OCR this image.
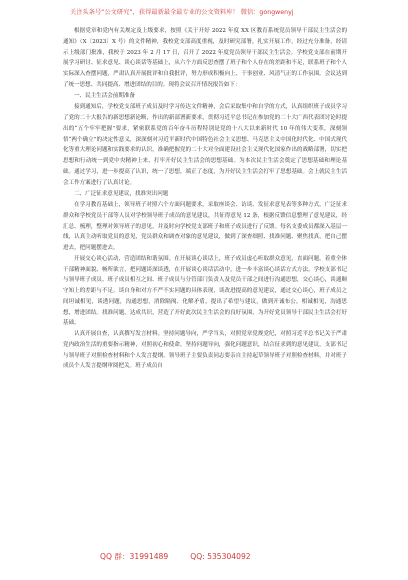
关注头条号“公文研究”，获得最新最全最专业的公文资料库！ 微信：gongwenyj

根据党章和党内有关规定及上级要求，按照《关于开好 2022 年度 XX 区教育系统党员领导干部民主生活会的通知》（X〔2023〕X 号）的文件精神，我校党支部高度重视，及时研究部署，扎实开展工作，经过充分准备，经请示上级部门批准，我校于 2023 年 2 月 17 日，召开了 2022 年度党员领导干部民主生活会。学校党支部在前期开展学习研讨、征求意见、谈心谈话等基础上，从六个方面反思查摆了班子和个人存在的差距和不足，联系班子和个人实际深入查摆问题，严肃认真开展批评和自我批评，努力形成积极向上、干事创业、风清气正的工作氛围。会议达到了统一思想、共同提高、增进团结的目的。现将会议召开情况报告如下：

一、民主生活会前期准备

接到通知后，学校党支部班子成员及时学习传达文件精神，会后采取集中和自学的方式，认真组织班子成员学习了党的二十大报告的新思想新论断，作出的新部署新要求，贯彻习近平总书记在参加党的二十大广西代表团讨论时提出的“五个牢牢把握”要求，紧密联系党的百年奋斗历程特别是党的十八大以来新时代 10 年的伟大变革，深刻领悟“两个确立”的决定性意义，深深刻对习近平新时代中国特色社会主义思想、马克思主义中国化时代化、中国式现代化等重大理论问题和实践要求的认识，准确把握党的二十大对全面建设社会主义现代化国家作出的战略部署，切实把思想和行动统一到党中央精神上来，打牢开好民主生活会的思想基础。为本次民主生活会奠定了思想基础和理论基础。通过学习，进一步提高了认识，统一了思想，端正了态度，为开好民主生活会打牢了思想基础。会上就民主生活会工作方案进行了认真讨论。

二、广泛征求意见建议，找准突出问题

在学习教育基础上，领导班子对照六个方面问题要求，采取座谈会、访谈、发征求意见表等多种方式，广泛征求群众和学校党员干部等人员对学校领导班子成员的意见建议，共征得意见 12 条，根据反馈信息整理了意见建议，经汇总、梳理，整理对领导班子的意见，并及时向学校党支部班子和班子成员进行了反馈。每名支委成员都深入基层一线，认真主动听取党员的意见，党员群众和调查对象的意见建议，做到了深查细照、找准问题、聚焦找真，把自己摆进去，把问题摆进去。

开展交心谈心活动，营造团结和谐氛围。在开展谈心谈话上，班子成员虚心听取群众意见，直面问题，着重全体干部精神面貌、畅所欲言，把问题谈深谈透，在开展谈心谈话活动中，进一步丰富谈心谈话方式方法。学校支部书记与领导班子成员、班子成员相互之间、班子成员与分管部门负责人及党员干部之间进行沟通思想，交心谈心，谈通顺守知上的差距与不足。谈自身和对方不严不实问题的具体表现，谈改进提高的意见建议，通过交心谈心，班子成员之间坦诚相见，谈透问题，沟通思想，消除隔阂、化解矛盾，提出了希望与建议，做到开诚布公，相诚相见，沟通思想，增进团结。找准问题，达成共识，营造了开好此次民主生活会的良好氛围，为开好党员领导干部民主生活会打好基础。

认真开展自查，认真撰写发言材料。坚持问题导向，严学当头，对照党章党规党纪，对照习近平总书记关于严肃党内政治生活的重要指示精神，对照初心和使命，坚持问题导向，强化问题意识，结合征求到的意见建议，支部书记与领导班子对照检查材料和个人发言提纲。领导班子主要负责同志要亲自主持起草领导班子对照检查材料，并对班子成员个人发言提纲审阅把关。班子成员自

QQ 群：31991489	QQ: 535304092
